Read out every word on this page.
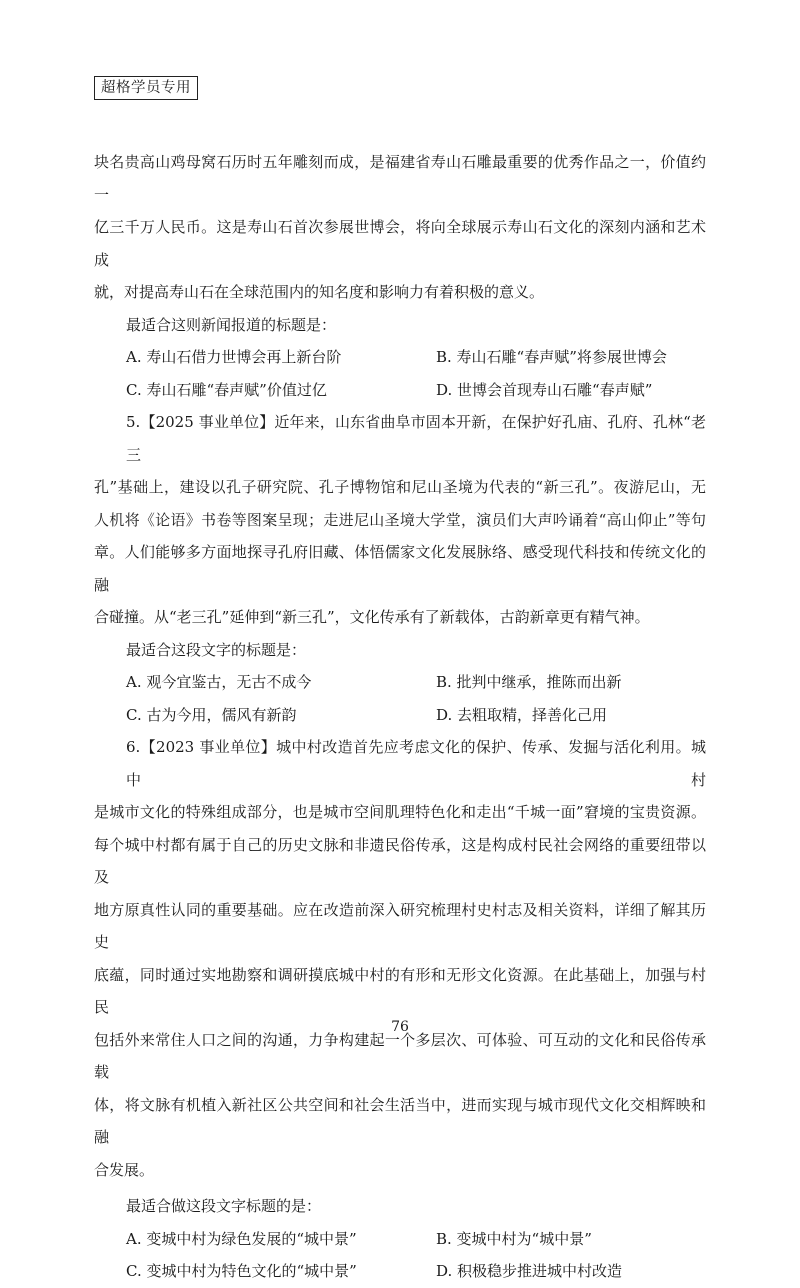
超格学员专用

块名贵高山鸡母窝石历时五年雕刻而成，是福建省寿山石雕最重要的优秀作品之一，价值约一

亿三千万人民币。这是寿山石首次参展世博会，将向全球展示寿山石文化的深刻内涵和艺术成

就，对提高寿山石在全球范围内的知名度和影响力有着积极的意义。

最适合这则新闻报道的标题是：

A. 寿山石借力世博会再上新台阶	B. 寿山石雕“春声赋”将参展世博会
C. 寿山石雕“春声赋”价值过亿	D. 世博会首现寿山石雕“春声赋”

5.【2025 事业单位】近年来，山东省曲阜市固本开新，在保护好孔庙、孔府、孔林“老三

孔”基础上，建设以孔子研究院、孔子博物馆和尼山圣境为代表的“新三孔”。夜游尼山，无

人机将《论语》书卷等图案呈现；走进尼山圣境大学堂，演员们大声吟诵着“高山仰止”等句

章。人们能够多方面地探寻孔府旧藏、体悟儒家文化发展脉络、感受现代科技和传统文化的融

合碰撞。从“老三孔”延伸到“新三孔”，文化传承有了新载体，古韵新章更有精气神。

最适合这段文字的标题是：

A. 观今宜鉴古，无古不成今	B. 批判中继承，推陈而出新
C. 古为今用，儒风有新韵	D. 去粗取精，择善化己用

6.【2023 事业单位】城中村改造首先应考虑文化的保护、传承、发掘与活化利用。城中村

是城市文化的特殊组成部分，也是城市空间肌理特色化和走出“千城一面”窘境的宝贵资源。

每个城中村都有属于自己的历史文脉和非遗民俗传承，这是构成村民社会网络的重要纽带以及

地方原真性认同的重要基础。应在改造前深入研究梳理村史村志及相关资料，详细了解其历史

底蕴，同时通过实地勘察和调研摸底城中村的有形和无形文化资源。在此基础上，加强与村民

包括外来常住人口之间的沟通，力争构建起一个多层次、可体验、可互动的文化和民俗传承载

体，将文脉有机植入新社区公共空间和社会生活当中，进而实现与城市现代文化交相辉映和融

合发展。

最适合做这段文字标题的是：

A. 变城中村为绿色发展的“城中景”	B. 变城中村为“城中景”
C. 变城中村为特色文化的“城中景”	D. 积极稳步推进城中村改造
76
